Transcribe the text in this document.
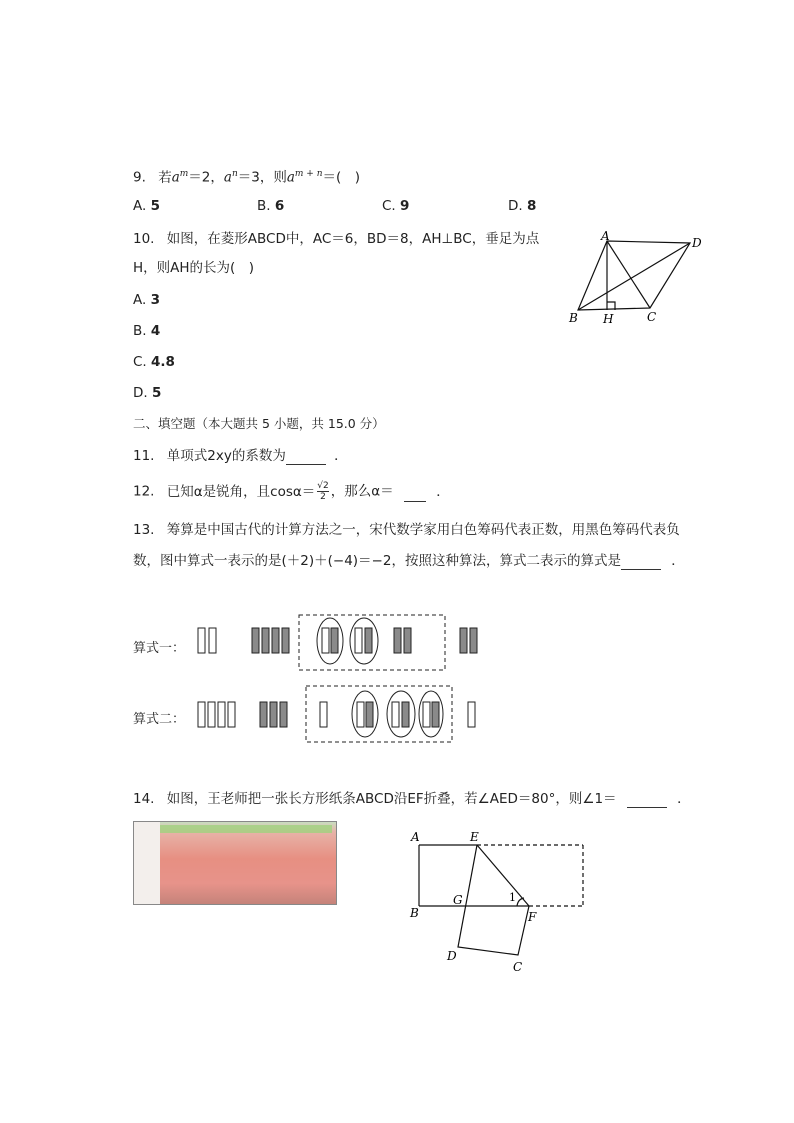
9. 若$a^m=2$，$a^n=3$，则$a^{m + n}=$(　)
A. 5	B. 6	C. 9	D. 8
10. 如图，在菱形ABCD中，AC＝6，BD＝8，AH⊥BC，垂足为点
H，则AH的长为(　)
A. 3
B. 4
C. 4.8
D. 5
A	D
B H	C
二、填空题（本大题共 5 小题，共 15.0 分）
11. 单项式2xy的系数为	．
12. 已知α是锐角，且$\cos\alpha= \frac{√2}{2}$ ，那么α＝	．
13. 筹算是中国古代的计算方法之一，宋代数学家用白色筹码代表正数，用黑色筹码代表负
数，图中算式一表示的是(＋2)＋(−4)＝−2，按照这种算法，算式二表示的算式是	．
算式一：
算式二：
14. 如图，王老师把一张长方形纸条ABCD沿EF折叠，若∠AED＝80°，则∠1＝	．
A	E
B
G	1
F
D
C
